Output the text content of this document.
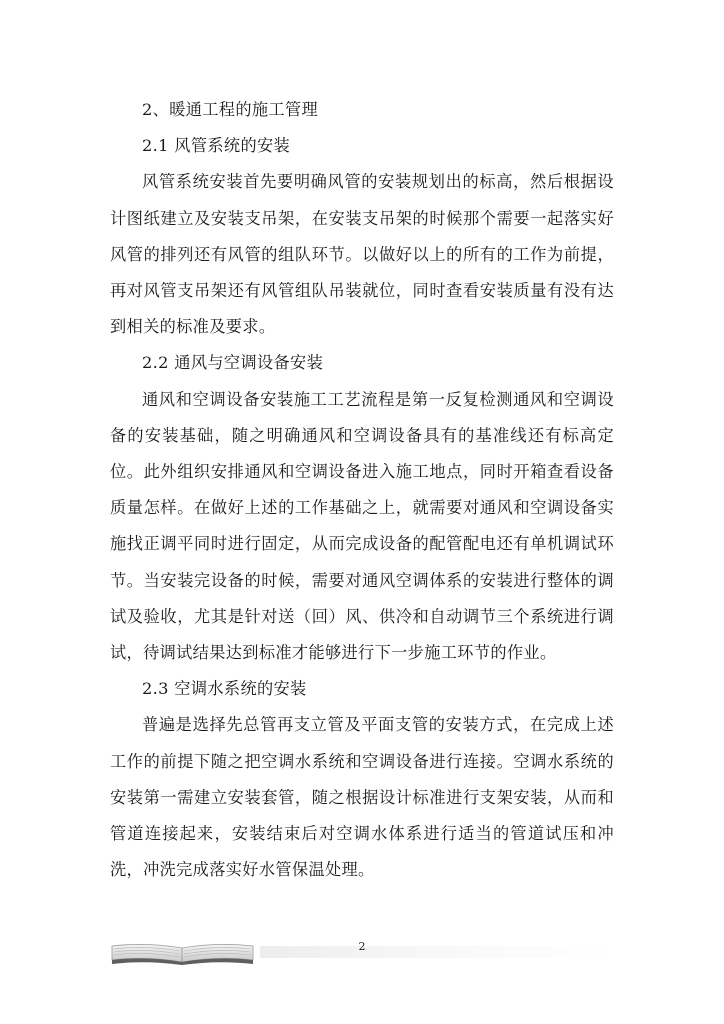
2、暖通工程的施工管理

2.1 风管系统的安装

风管系统安装首先要明确风管的安装规划出的标高，然后根据设计图纸建立及安装支吊架，在安装支吊架的时候那个需要一起落实好风管的排列还有风管的组队环节。以做好以上的所有的工作为前提，再对风管支吊架还有风管组队吊装就位，同时查看安装质量有没有达到相关的标准及要求。

2.2 通风与空调设备安装

通风和空调设备安装施工工艺流程是第一反复检测通风和空调设备的安装基础，随之明确通风和空调设备具有的基准线还有标高定位。此外组织安排通风和空调设备进入施工地点，同时开箱查看设备质量怎样。在做好上述的工作基础之上，就需要对通风和空调设备实施找正调平同时进行固定，从而完成设备的配管配电还有单机调试环节。当安装完设备的时候，需要对通风空调体系的安装进行整体的调试及验收，尤其是针对送（回）风、供冷和自动调节三个系统进行调试，待调试结果达到标准才能够进行下一步施工环节的作业。

2.3 空调水系统的安装

普遍是选择先总管再支立管及平面支管的安装方式，在完成上述工作的前提下随之把空调水系统和空调设备进行连接。空调水系统的安装第一需建立安装套管，随之根据设计标准进行支架安装，从而和管道连接起来，安装结束后对空调水体系进行适当的管道试压和冲洗，冲洗完成落实好水管保温处理。

2
